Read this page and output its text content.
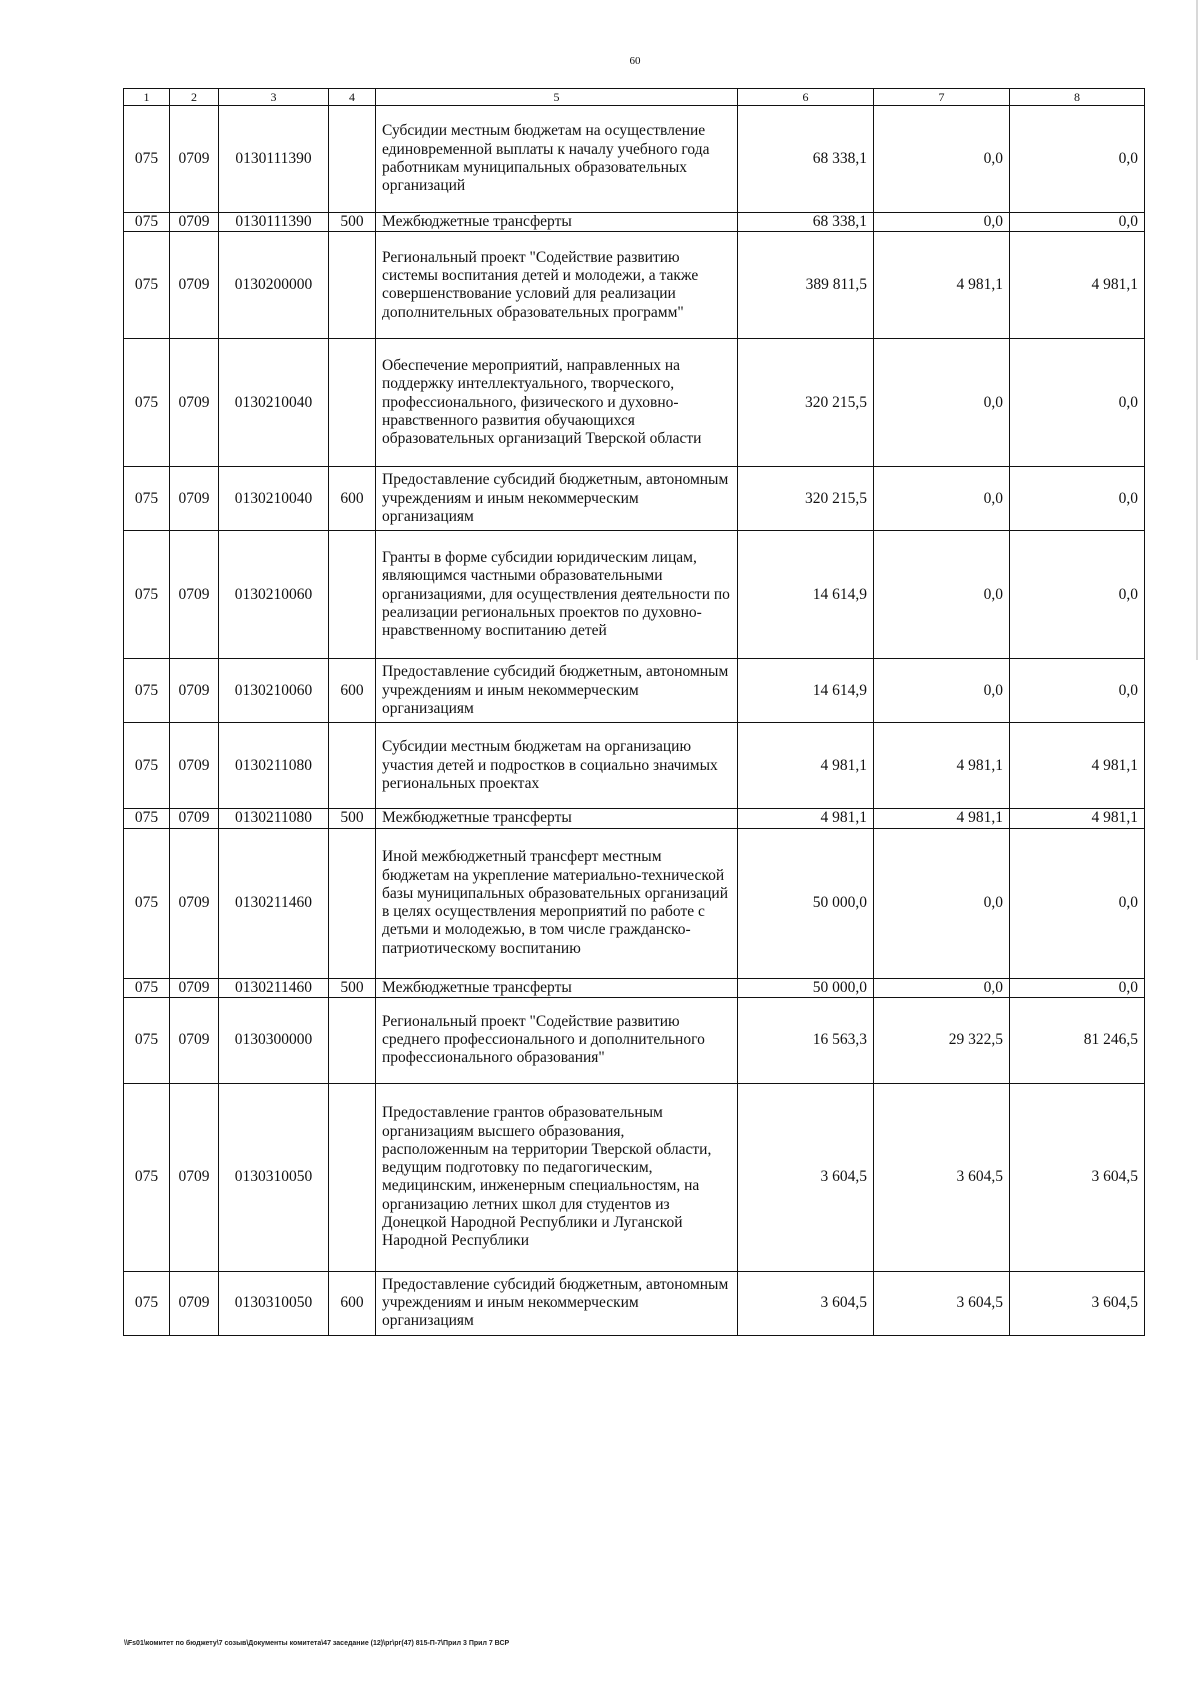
60
1	2	3	4	5	6	7	8
075	0709	0130111390		Субсидии местным бюджетам на осуществление единовременной выплаты к началу учебного года работникам муниципальных образовательных организаций	68 338,1	0,0	0,0
075	0709	0130111390	500	Межбюджетные трансферты	68 338,1	0,0	0,0
075	0709	0130200000		Региональный проект "Содействие развитию системы воспитания детей и молодежи, а также совершенствование условий для реализации дополнительных образовательных программ"	389 811,5	4 981,1	4 981,1
075	0709	0130210040		Обеспечение мероприятий, направленных на поддержку интеллектуального, творческого, профессионального, физического и духовно-нравственного развития обучающихся образовательных организаций Тверской области	320 215,5	0,0	0,0
075	0709	0130210040	600	Предоставление субсидий бюджетным, автономным учреждениям и иным некоммерческим организациям	320 215,5	0,0	0,0
075	0709	0130210060		Гранты в форме субсидии юридическим лицам, являющимся частными образовательными организациями, для осуществления деятельности по реализации региональных проектов по духовно-нравственному воспитанию детей	14 614,9	0,0	0,0
075	0709	0130210060	600	Предоставление субсидий бюджетным, автономным учреждениям и иным некоммерческим организациям	14 614,9	0,0	0,0
075	0709	0130211080		Субсидии местным бюджетам на организацию участия детей и подростков в социально значимых региональных проектах	4 981,1	4 981,1	4 981,1
075	0709	0130211080	500	Межбюджетные трансферты	4 981,1	4 981,1	4 981,1
075	0709	0130211460		Иной межбюджетный трансферт местным бюджетам на укрепление материально-технической базы муниципальных образовательных организаций в целях осуществления мероприятий по работе с детьми и молодежью, в том числе гражданско-патриотическому воспитанию	50 000,0	0,0	0,0
075	0709	0130211460	500	Межбюджетные трансферты	50 000,0	0,0	0,0
075	0709	0130300000		Региональный проект "Содействие развитию среднего профессионального и дополнительного профессионального образования"	16 563,3	29 322,5	81 246,5
075	0709	0130310050		Предоставление грантов образовательным организациям высшего образования, расположенным на территории Тверской области, ведущим подготовку по педагогическим, медицинским, инженерным специальностям, на организацию летних школ для студентов из Донецкой Народной Республики и Луганской Народной Республики	3 604,5	3 604,5	3 604,5
075	0709	0130310050	600	Предоставление субсидий бюджетным, автономным учреждениям и иным некоммерческим организациям	3 604,5	3 604,5	3 604,5
\\Fs01\комитет по бюджету\7 созыв\Документы комитета\47 заседание (12)\рг\рг(47) 815-П-7\Прил 3 Прил 7 ВСР
